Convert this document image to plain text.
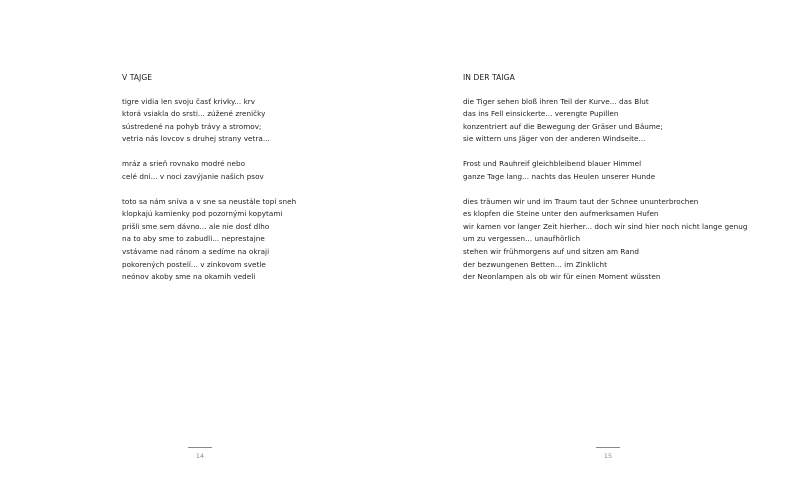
V TAJGE
tigre vidia len svoju časť krivky... krv
ktorá vsiakla do srsti... zúžené zreničky
sústredené na pohyb trávy a stromov;
vetria nás lovcov s druhej strany vetra...
mráz a srieň rovnako modré nebo
celé dni... v noci zavýjanie našich psov
toto sa nám sníva a v sne sa neustále topí sneh
klopkajú kamienky pod pozornými kopytami
prišli sme sem dávno... ale nie dosť dlho
na to aby sme to zabudli... neprestajne
vstávame nad ránom a sedíme na okraji
pokorených postelí... v zinkovom svetle
neónov akoby sme na okamih vedeli
14
IN DER TAIGA
die Tiger sehen bloß ihren Teil der Kurve... das Blut
das ins Fell einsickerte... verengte Pupillen
konzentriert auf die Bewegung der Gräser und Bäume;
sie wittern uns Jäger von der anderen Windseite...
Frost und Rauhreif gleichbleibend blauer Himmel
ganze Tage lang... nachts das Heulen unserer Hunde
dies träumen wir und im Traum taut der Schnee ununterbrochen
es klopfen die Steine unter den aufmerksamen Hufen
wir kamen vor langer Zeit hierher... doch wir sind hier noch nicht lange genug
um zu vergessen... unaufhörlich
stehen wir frühmorgens auf und sitzen am Rand
der bezwungenen Betten... im Zinklicht
der Neonlampen als ob wir für einen Moment wüssten
15
